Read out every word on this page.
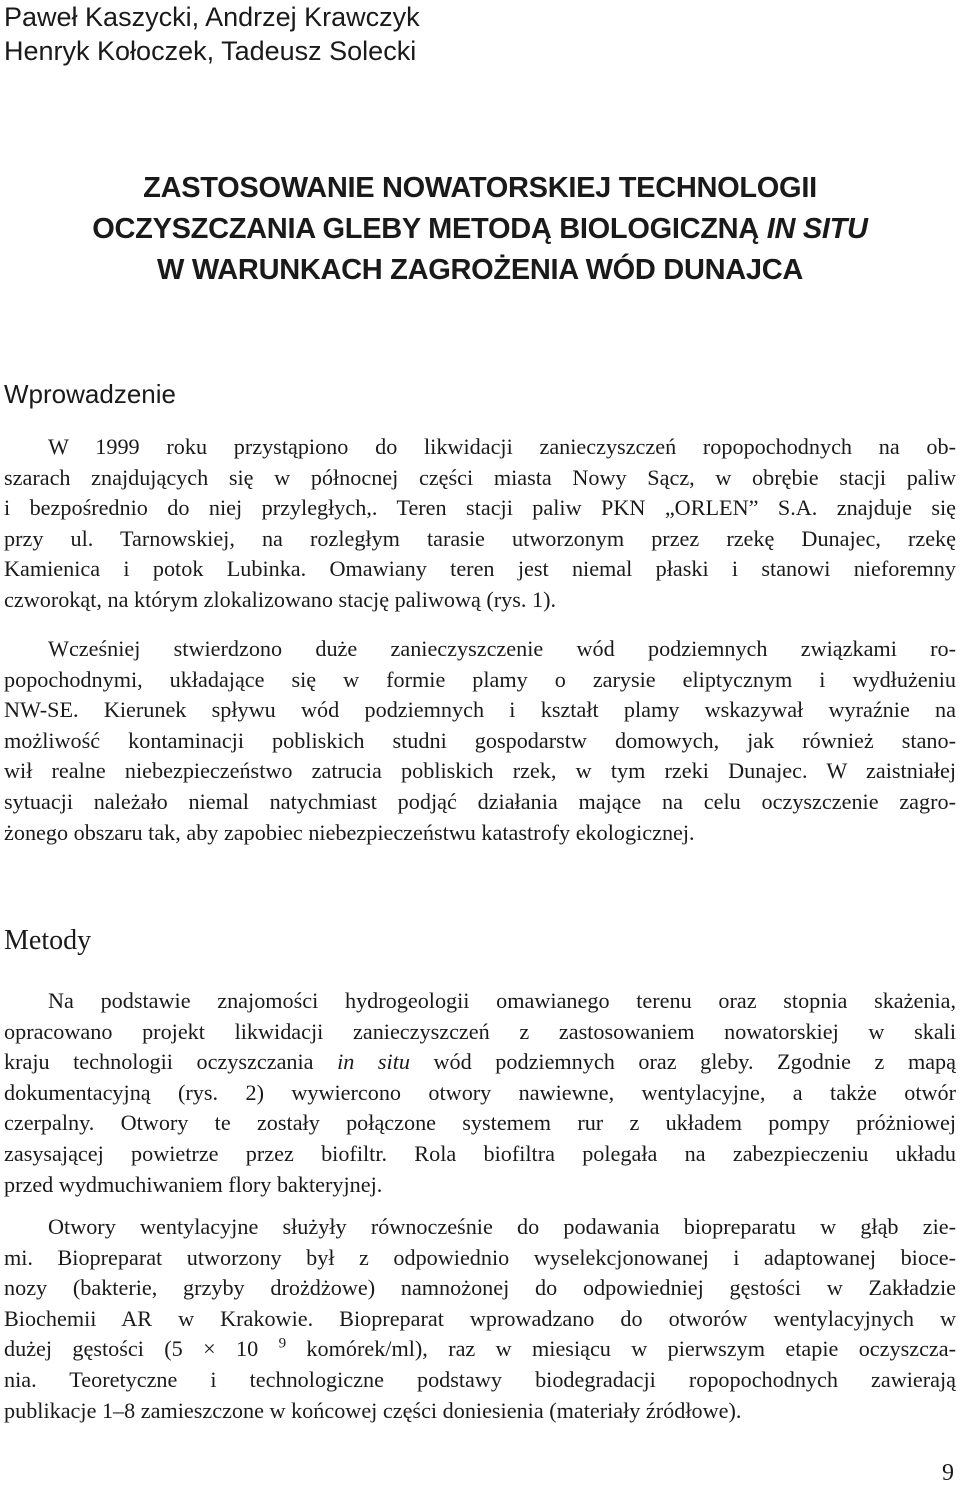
Paweł Kaszycki, Andrzej Krawczyk
Henryk Kołoczek, Tadeusz Solecki
ZASTOSOWANIE NOWATORSKIEJ TECHNOLOGII
OCZYSZCZANIA GLEBY METODĄ BIOLOGICZNĄ IN SITU
W WARUNKACH ZAGROŻENIA WÓD DUNAJCA
Wprowadzenie
W 1999 roku przystąpiono do likwidacji zanieczyszczeń ropopochodnych na ob-
szarach znajdujących się w północnej części miasta Nowy Sącz, w obrębie stacji paliw
i bezpośrednio do niej przyległych,. Teren stacji paliw PKN „ORLEN” S.A. znajduje się
przy ul. Tarnowskiej, na rozległym tarasie utworzonym przez rzekę Dunajec, rzekę
Kamienica i potok Lubinka. Omawiany teren jest niemal płaski i stanowi nieforemny
czworokąt, na którym zlokalizowano stację paliwową (rys. 1).
Wcześniej stwierdzono duże zanieczyszczenie wód podziemnych związkami ro-
popochodnymi, układające się w formie plamy o zarysie eliptycznym i wydłużeniu
NW-SE. Kierunek spływu wód podziemnych i kształt plamy wskazywał wyraźnie na
możliwość kontaminacji pobliskich studni gospodarstw domowych, jak również stano-
wił realne niebezpieczeństwo zatrucia pobliskich rzek, w tym rzeki Dunajec. W zaistniałej
sytuacji należało niemal natychmiast podjąć działania mające na celu oczyszczenie zagro-
żonego obszaru tak, aby zapobiec niebezpieczeństwu katastrofy ekologicznej.
Metody
Na podstawie znajomości hydrogeologii omawianego terenu oraz stopnia skażenia,
opracowano projekt likwidacji zanieczyszczeń z zastosowaniem nowatorskiej w skali
kraju technologii oczyszczania in situ wód podziemnych oraz gleby. Zgodnie z mapą
dokumentacyjną (rys. 2) wywiercono otwory nawiewne, wentylacyjne, a także otwór
czerpalny. Otwory te zostały połączone systemem rur z układem pompy próżniowej
zasysającej powietrze przez biofiltr. Rola biofiltra polegała na zabezpieczeniu układu
przed wydmuchiwaniem flory bakteryjnej.
Otwory wentylacyjne służyły równocześnie do podawania biopreparatu w głąb zie-
mi. Biopreparat utworzony był z odpowiednio wyselekcjonowanej i adaptowanej bioce-
nozy (bakterie, grzyby drożdżowe) namnożonej do odpowiedniej gęstości w Zakładzie
Biochemii AR w Krakowie. Biopreparat wprowadzano do otworów wentylacyjnych w
dużej gęstości (5 × 10 $^9$ komórek/ml), raz w miesiącu w pierwszym etapie oczyszcza-
nia. Teoretyczne i technologiczne podstawy biodegradacji ropopochodnych zawierają
publikacje 1–8 zamieszczone w końcowej części doniesienia (materiały źródłowe).
9
